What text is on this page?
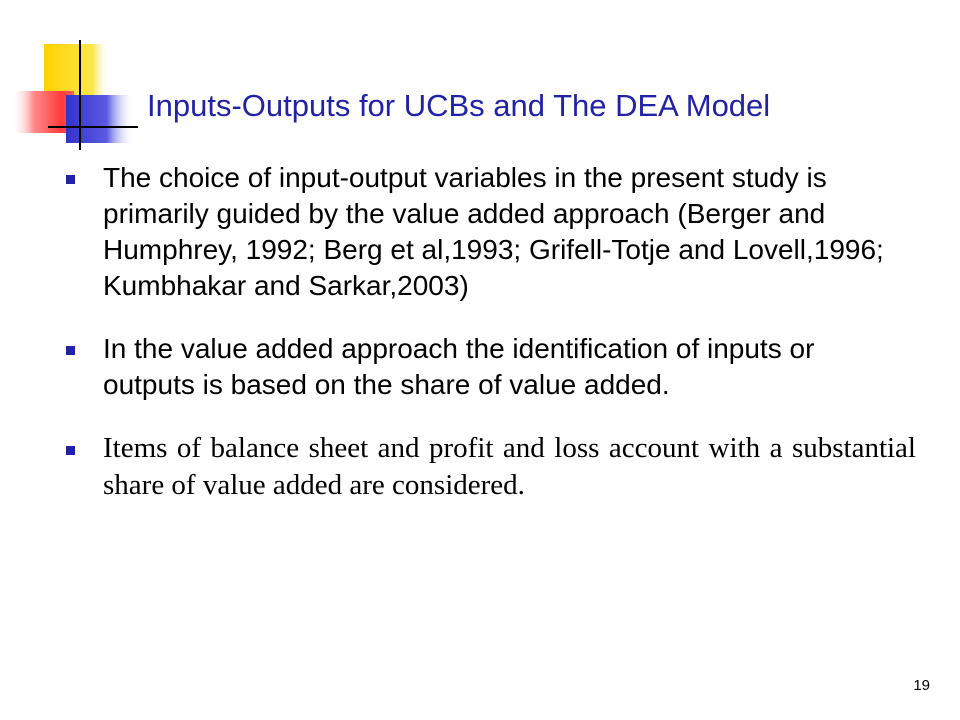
Inputs-Outputs for UCBs and The DEA Model
The choice of input-output variables in the present study is primarily guided by the value added approach (Berger and Humphrey, 1992; Berg et al,1993; Grifell-Totje and Lovell,1996; Kumbhakar and Sarkar,2003)
In the value added approach the identification of inputs or outputs is based on the share of value added.
Items of balance sheet and profit and loss account with a substantial share of value added are considered.
19
